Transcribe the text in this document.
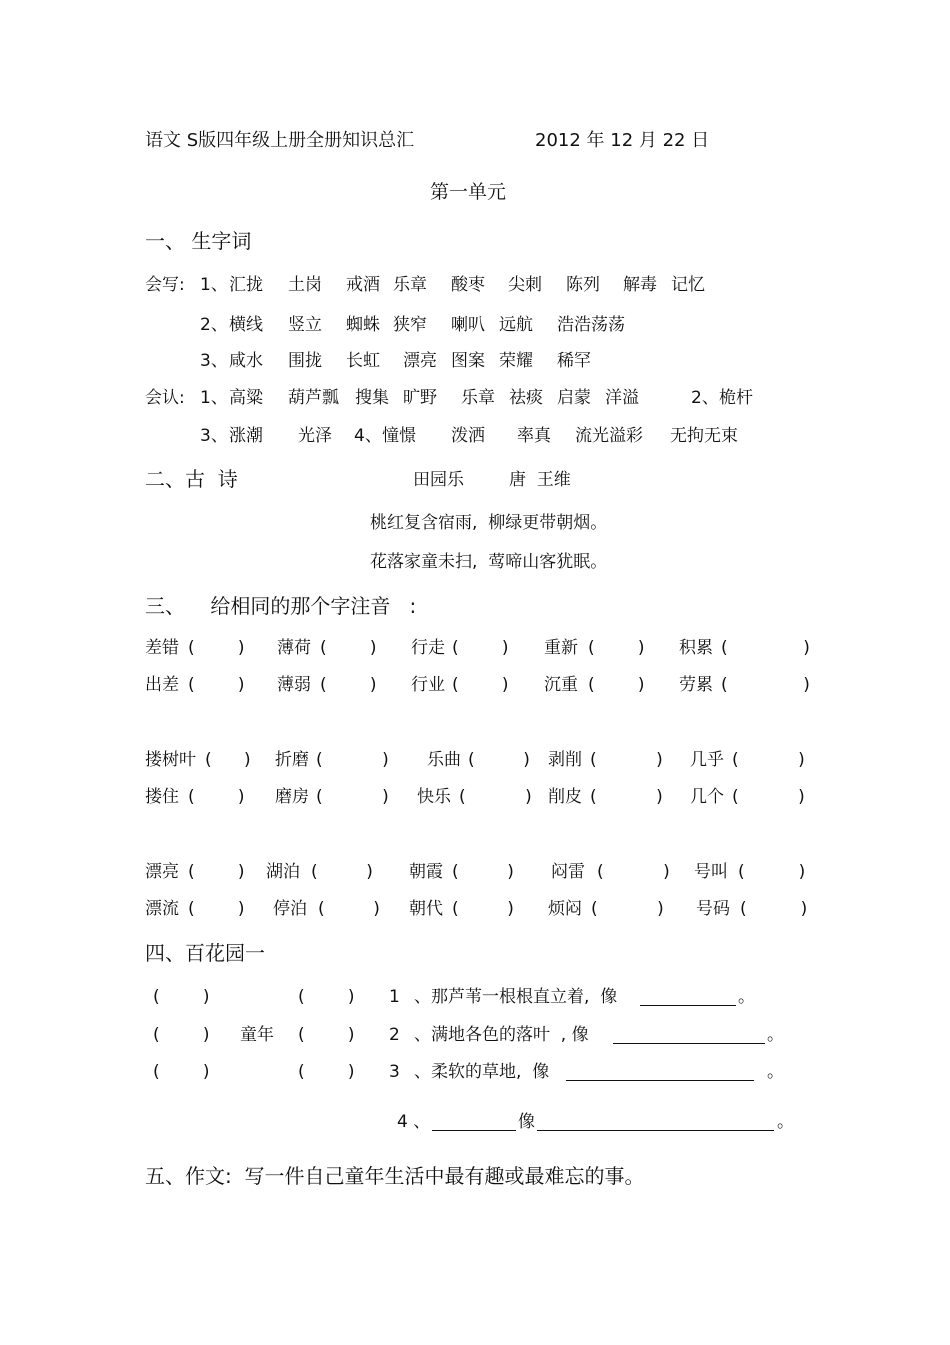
语文 S版四年级上册全册知识总汇	2012 年 12 月 22 日
第一单元
一、 生字词
会写: 1、 汇拢 土岗 戒酒 乐章 酸枣 尖刺 陈列 解毒 记忆
2、 横线 竖立 蜘蛛 狭窄 喇叭 远航 浩浩荡荡
3、 咸水 围拢 长虹 漂亮 图案 荣耀 稀罕
会认: 1、 高粱 葫芦瓢 搜集 旷野 乐章 祛痰 启蒙 洋溢	2、 桅杆
3、 涨潮 光泽 4、 憧憬 泼洒 率真 流光溢彩 无拘无束
二、古  诗	田园乐	唐  王维
桃红复含宿雨,  柳绿更带朝烟。
花落家童未扫,  莺啼山客犹眠。
三、    给相同的那个字注音   :
差错 (        ) 薄荷 (        ) 行走 (        ) 重新 (        ) 积累 (              )
出差 (        ) 薄弱 (        ) 行业 (        ) 沉重 (        ) 劳累 (              )
搂树叶 (      ) 折磨 (           ) 乐曲 (         ) 剥削 (           ) 几乎 (           )
搂住 (        ) 磨房 (           ) 快乐 (           ) 削皮 (           ) 几个 (           )
漂亮 (        ) 湖泊 (         ) 朝霞 (         ) 闷雷 (           ) 号叫 (          )
漂流 (        ) 停泊 (         ) 朝代 (         ) 烦闷 (           ) 号码 (          )
四、百花园一
(        )	(        ) 1 、那芦苇一根根直立着,  像	。
(        ) 童年 (        ) 2 、满地各色的落叶  , 像	。
(        )	(        ) 3 、柔软的草地,  像	。
4 、	像	。
五、作文:  写一件自己童年生活中最有趣或最难忘的事。
